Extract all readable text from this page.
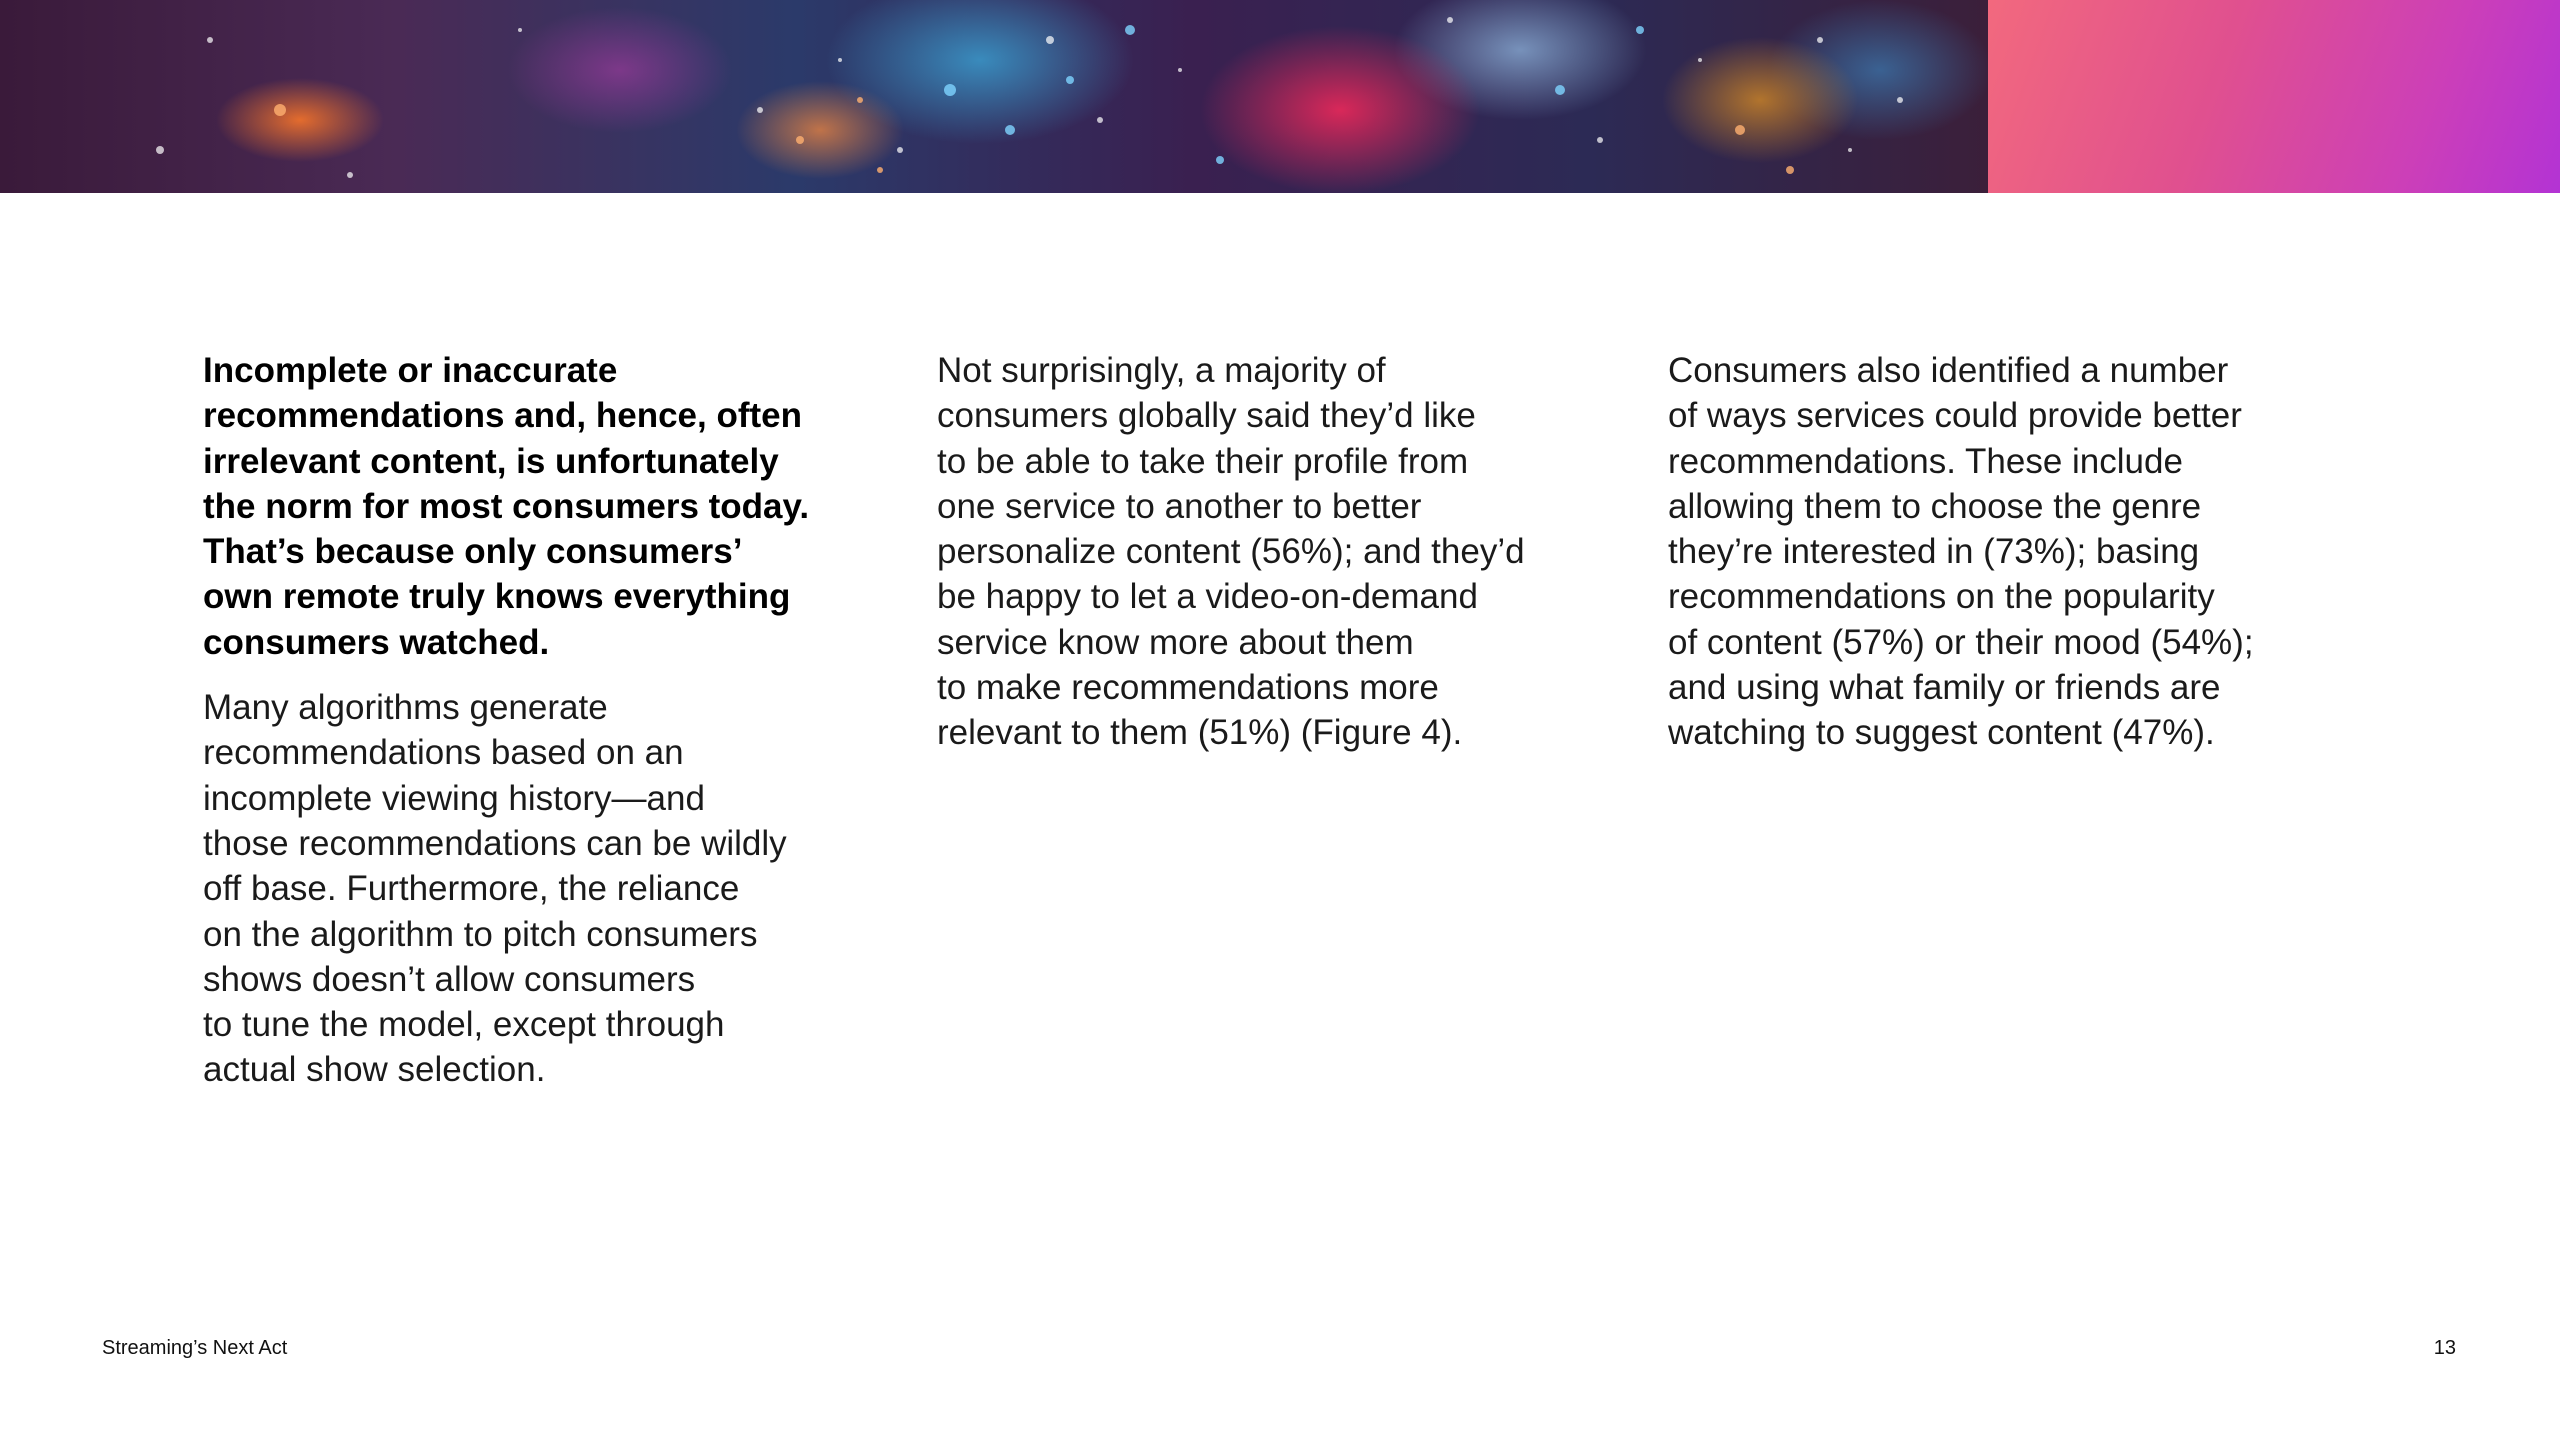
Incomplete or inaccurate
recommendations and, hence, often
irrelevant content, is unfortunately
the norm for most consumers today.
That’s because only consumers’
own remote truly knows everything
consumers watched.

Many algorithms generate
recommendations based on an
incomplete viewing history—and
those recommendations can be wildly
off base. Furthermore, the reliance
on the algorithm to pitch consumers
shows doesn’t allow consumers
to tune the model, except through
actual show selection.

Not surprisingly, a majority of
consumers globally said they’d like
to be able to take their profile from
one service to another to better
personalize content (56%); and they’d
be happy to let a video-on-demand
service know more about them
to make recommendations more
relevant to them (51%) (Figure 4).

Consumers also identified a number
of ways services could provide better
recommendations. These include
allowing them to choose the genre
they’re interested in (73%); basing
recommendations on the popularity
of content (57%) or their mood (54%);
and using what family or friends are
watching to suggest content (47%).

Streaming’s Next Act	13
